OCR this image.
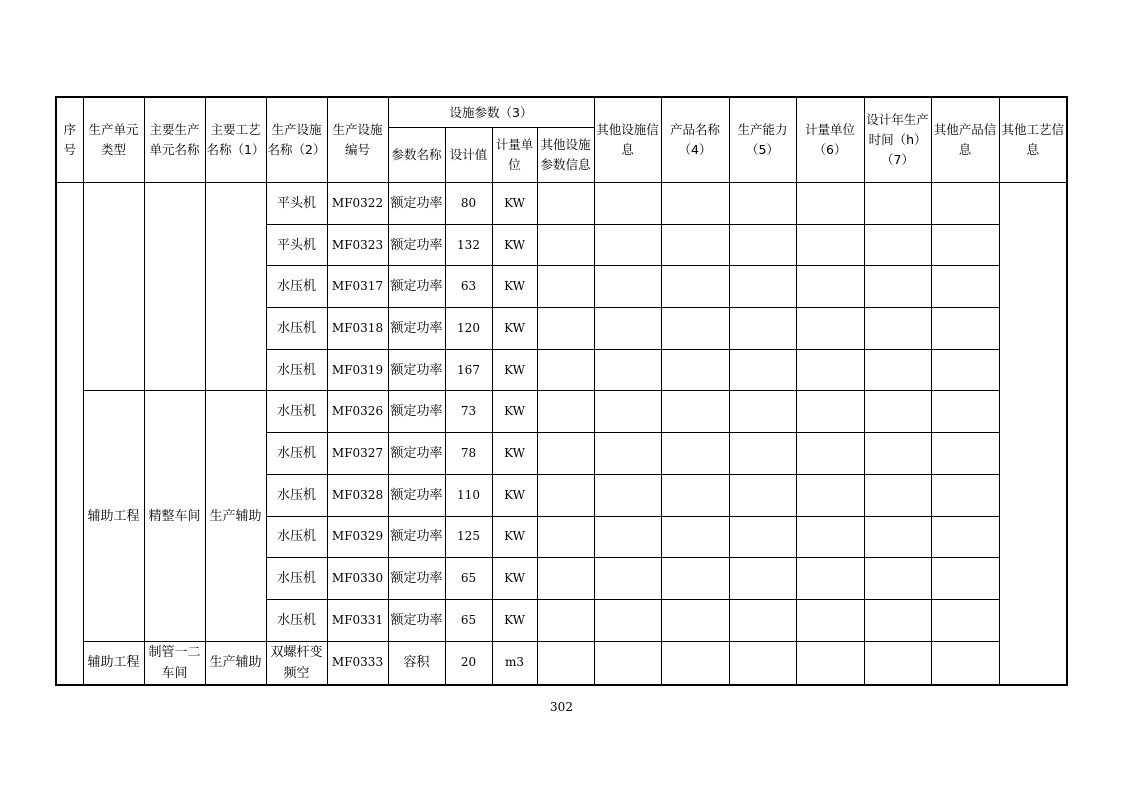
序号	生产单元类型	主要生产单元名称	主要工艺名称（1）	生产设施名称（2）	生产设施编号	设施参数（3）				其他设施信息	产品名称（4）	生产能力（5）	计量单位（6）	设计年生产时间（h）（7）	其他产品信息	其他工艺信息
						参数名称	设计值	计量单位	其他设施参数信息							
				平头机	MF0322	额定功率	80	KW								
				平头机	MF0323	额定功率	132	KW								
				水压机	MF0317	额定功率	63	KW								
				水压机	MF0318	额定功率	120	KW								
				水压机	MF0319	额定功率	167	KW								
	辅助工程	精整车间	生产辅助	水压机	MF0326	额定功率	73	KW								
				水压机	MF0327	额定功率	78	KW								
				水压机	MF0328	额定功率	110	KW								
				水压机	MF0329	额定功率	125	KW								
				水压机	MF0330	额定功率	65	KW								
				水压机	MF0331	额定功率	65	KW								
	辅助工程	制管一二车间	生产辅助	双螺杆变频空	MF0333	容积	20	m3								
302
